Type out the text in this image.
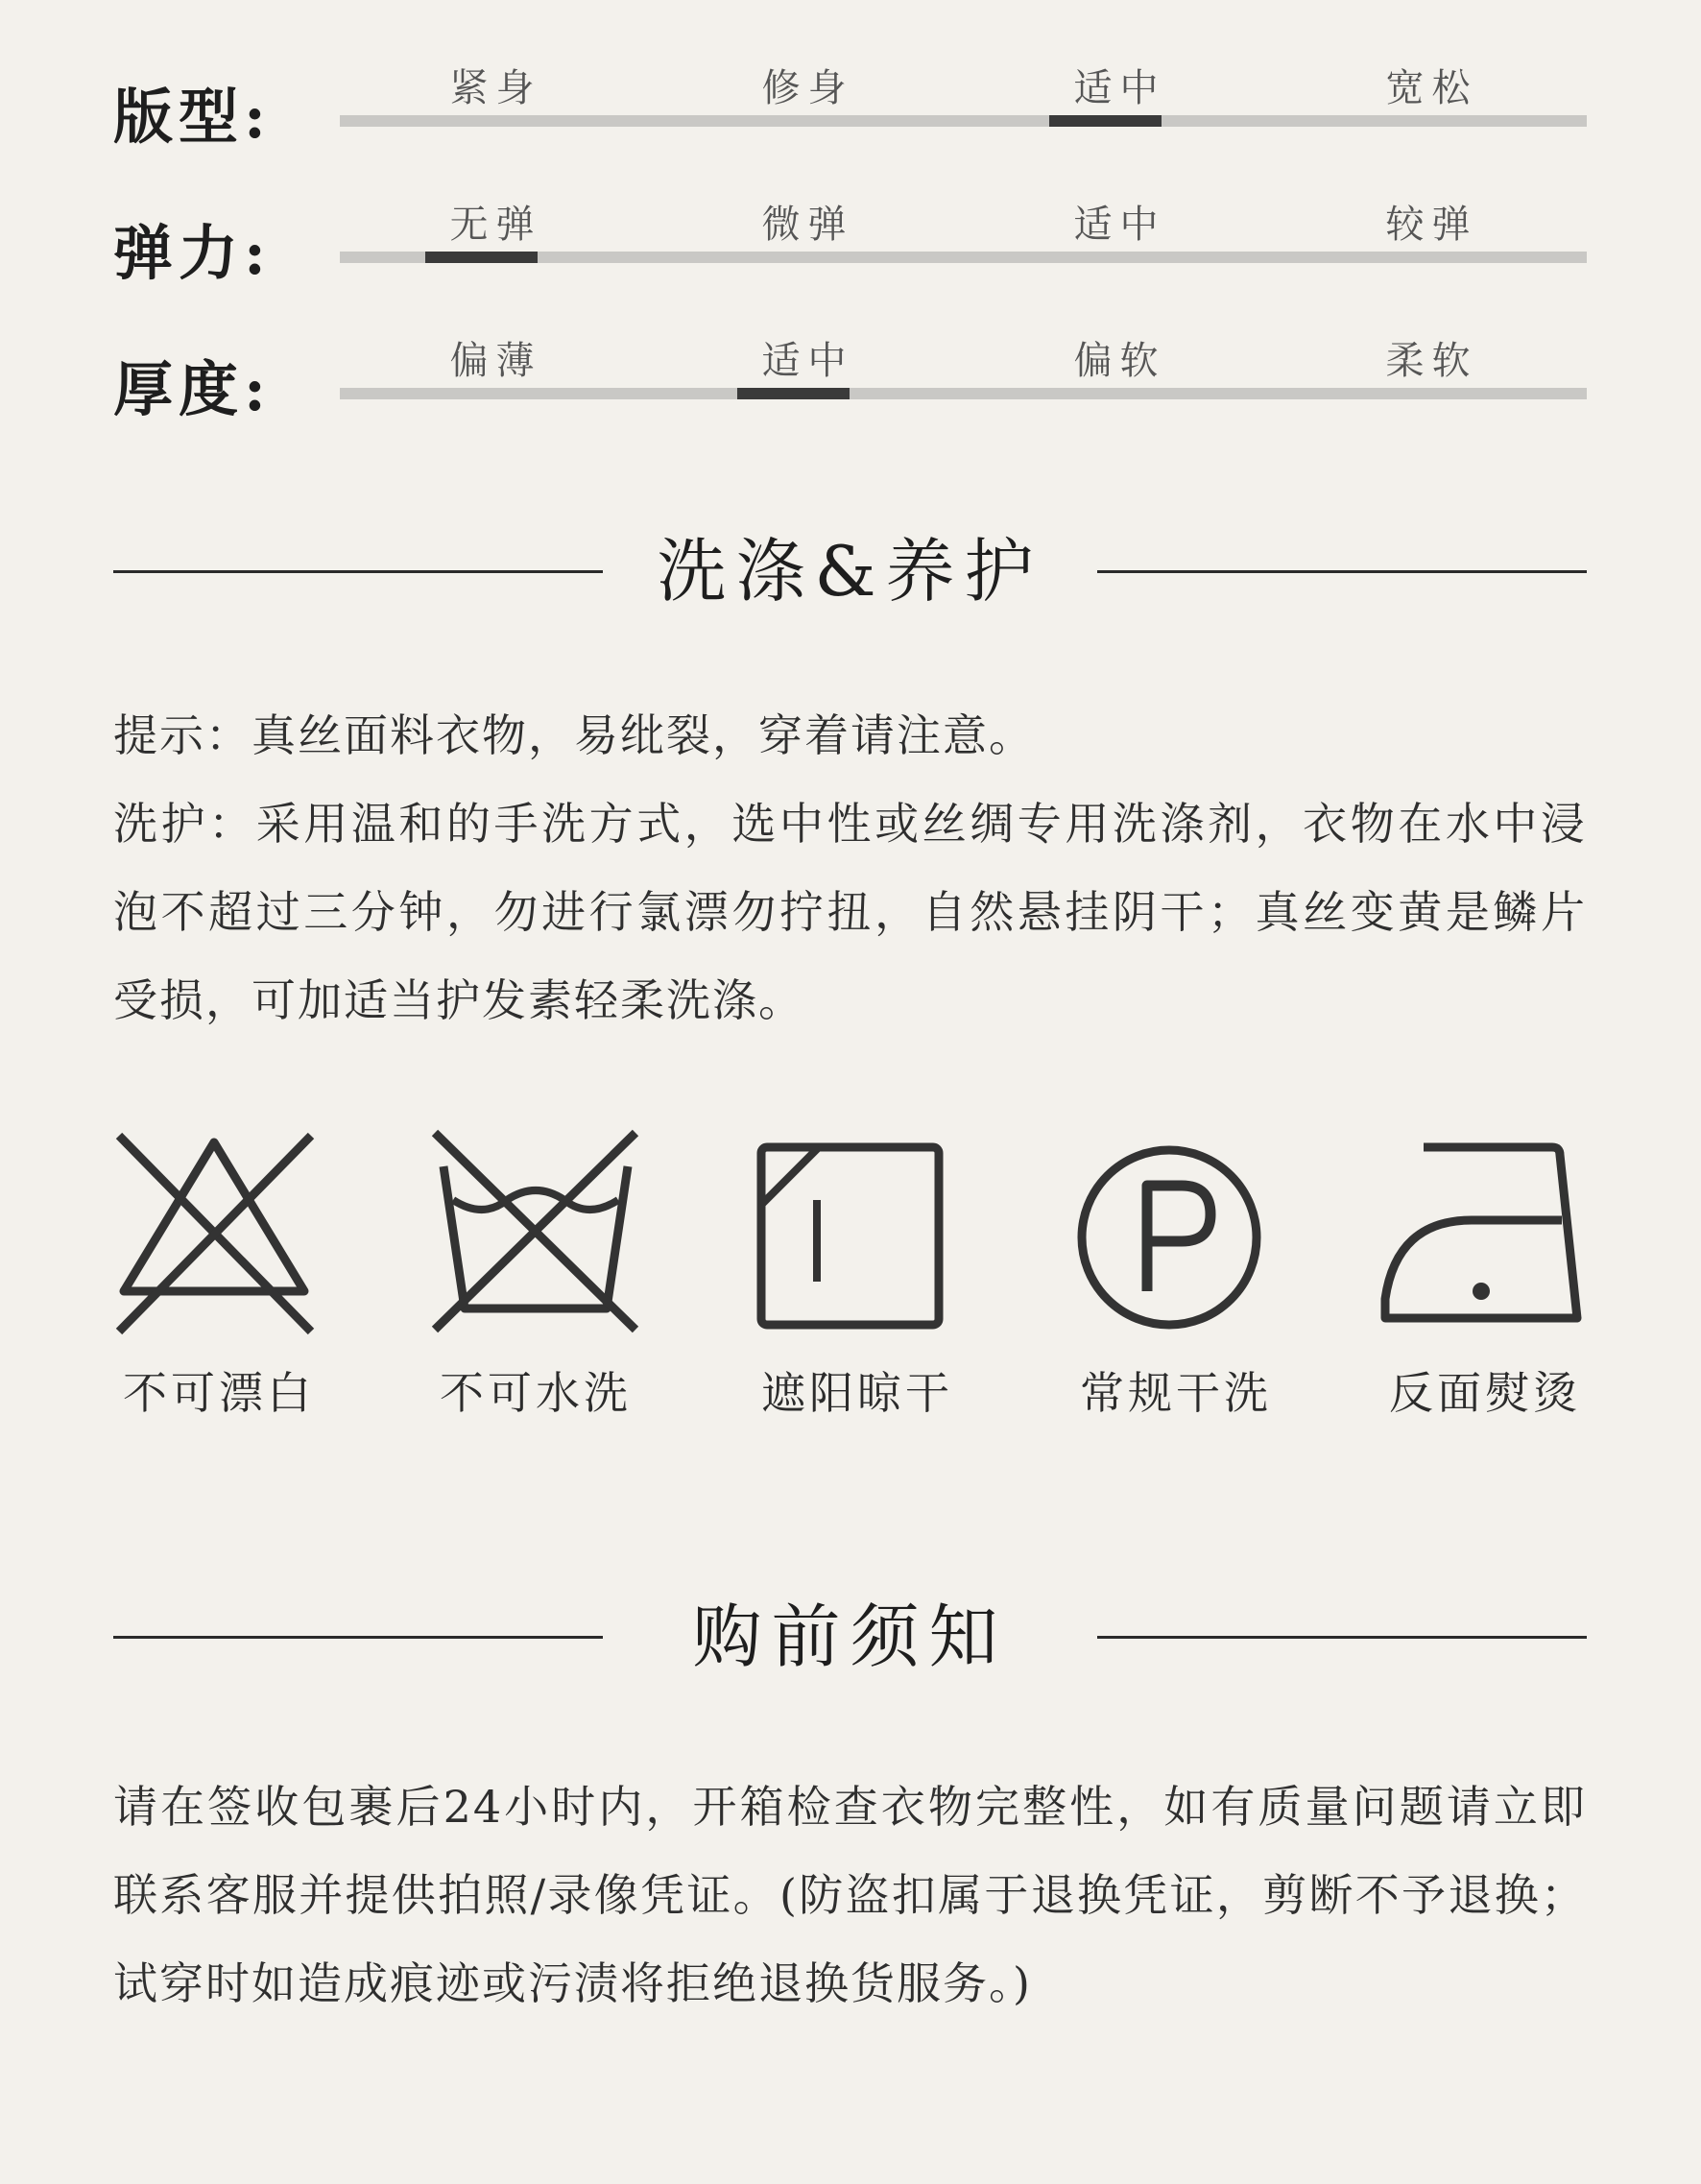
版型:	紧身	修身	适中	宽松
弹力:	无弹	微弹	适中	较弹
厚度:	偏薄	适中	偏软	柔软
洗涤&养护
提示：真丝面料衣物，易纰裂，穿着请注意。
洗护：采用温和的手洗方式，选中性或丝绸专用洗涤剂，衣物在水中浸泡不超过三分钟，勿进行氯漂勿拧扭，自然悬挂阴干；真丝变黄是鳞片受损，可加适当护发素轻柔洗涤。
不可漂白	不可水洗	遮阳晾干	常规干洗	反面熨烫
购前须知
请在签收包裹后24小时内，开箱检查衣物完整性，如有质量问题请立即联系客服并提供拍照/录像凭证。(防盗扣属于退换凭证，剪断不予退换；试穿时如造成痕迹或污渍将拒绝退换货服务。)
